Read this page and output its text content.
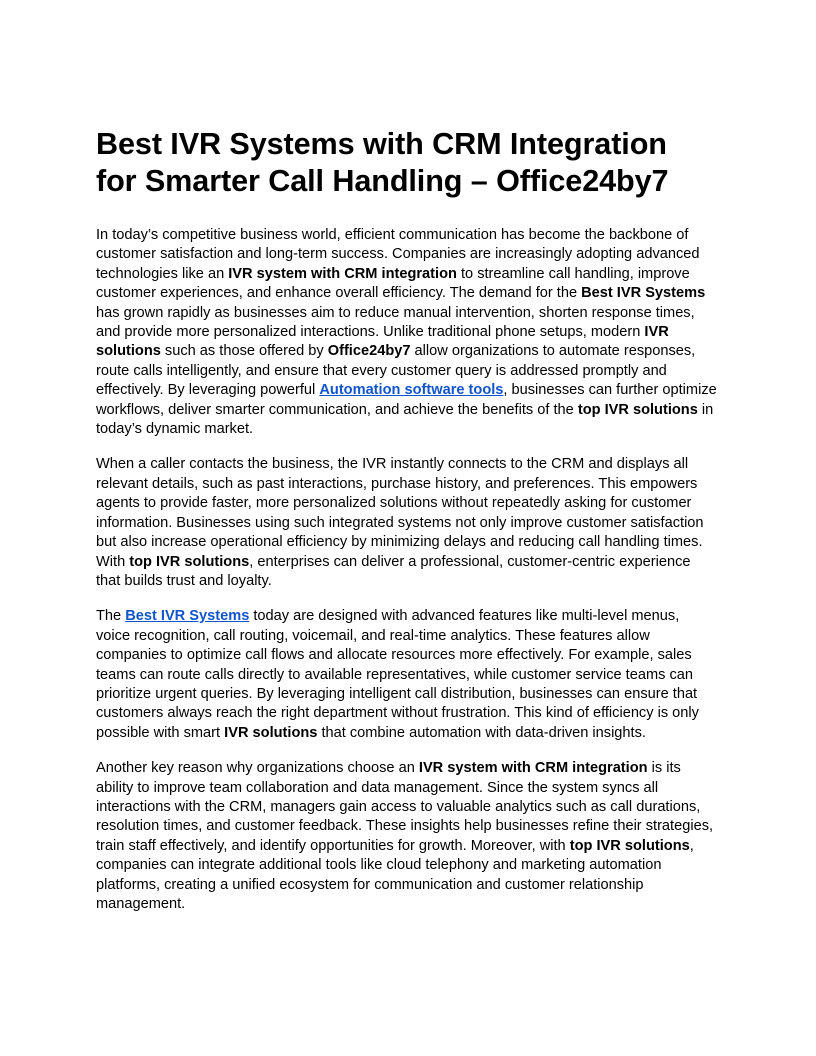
Best IVR Systems with CRM Integration
for Smarter Call Handling – Office24by7

In today’s competitive business world, efficient communication has become the backbone of
customer satisfaction and long-term success. Companies are increasingly adopting advanced
technologies like an IVR system with CRM integration to streamline call handling, improve
customer experiences, and enhance overall efficiency. The demand for the Best IVR Systems
has grown rapidly as businesses aim to reduce manual intervention, shorten response times,
and provide more personalized interactions. Unlike traditional phone setups, modern IVR
solutions such as those offered by Office24by7 allow organizations to automate responses,
route calls intelligently, and ensure that every customer query is addressed promptly and
effectively. By leveraging powerful Automation software tools, businesses can further optimize
workflows, deliver smarter communication, and achieve the benefits of the top IVR solutions in
today’s dynamic market.

When a caller contacts the business, the IVR instantly connects to the CRM and displays all
relevant details, such as past interactions, purchase history, and preferences. This empowers
agents to provide faster, more personalized solutions without repeatedly asking for customer
information. Businesses using such integrated systems not only improve customer satisfaction
but also increase operational efficiency by minimizing delays and reducing call handling times.
With top IVR solutions, enterprises can deliver a professional, customer-centric experience
that builds trust and loyalty.

The Best IVR Systems today are designed with advanced features like multi-level menus,
voice recognition, call routing, voicemail, and real-time analytics. These features allow
companies to optimize call flows and allocate resources more effectively. For example, sales
teams can route calls directly to available representatives, while customer service teams can
prioritize urgent queries. By leveraging intelligent call distribution, businesses can ensure that
customers always reach the right department without frustration. This kind of efficiency is only
possible with smart IVR solutions that combine automation with data-driven insights.

Another key reason why organizations choose an IVR system with CRM integration is its
ability to improve team collaboration and data management. Since the system syncs all
interactions with the CRM, managers gain access to valuable analytics such as call durations,
resolution times, and customer feedback. These insights help businesses refine their strategies,
train staff effectively, and identify opportunities for growth. Moreover, with top IVR solutions,
companies can integrate additional tools like cloud telephony and marketing automation
platforms, creating a unified ecosystem for communication and customer relationship
management.
